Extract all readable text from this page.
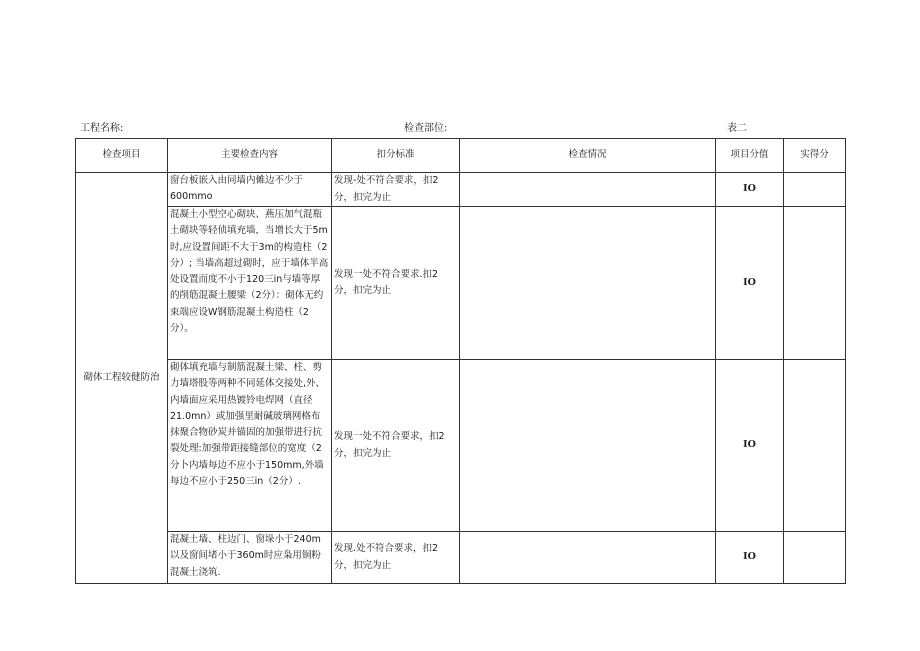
工程名称:	检查部位:	表二
检查项目	主要检查内容	扣分标准	检查情况	项目分值	实得分
砌体工程较健防治	窗台板嵌入由同墙内傩边不少于600mmo	发现-处不符合要求，扣2分，扣完为止		IO	
	混凝土小型空心砌块、燕压加气混瓶土砌块等轻侦填充墙，当增长大于5m时,应设置间距不大于3m的构造柱（2分）; 当墙高超过砌时，应于墙体半高处设置而度不小于120三in与墙等厚的削筋混凝土腰梁（2分）：砌体无约束端应设W钢筋混凝土构造柱（2分）。	发现一处不符合要求.扣2分，扣完为止		IO	
	砌体填充墙与制筋混凝土梁、柱、剪力墙塔股等两种不同延体交接处,外、内墙面应采用热镀铃电焊网（直径21.0mn）或加强里耐碱玻璃网格布抹聚合物砂炭并锚固的加强带进行抗裂处理:加强带距接缝部位的宽度（2分卜内墙每边不应小于150mm,外墙每边不应小于250三in（2分）.	发现一处不符合要求，扣2分，扣完为止		IO	
	混凝土墙、柱边门、窗垛小于240m以及窗间堵小于360m时应枭用铜粉混凝土浇筑.	发现.处不符合要求，扣2分，扣完为止		IO	
